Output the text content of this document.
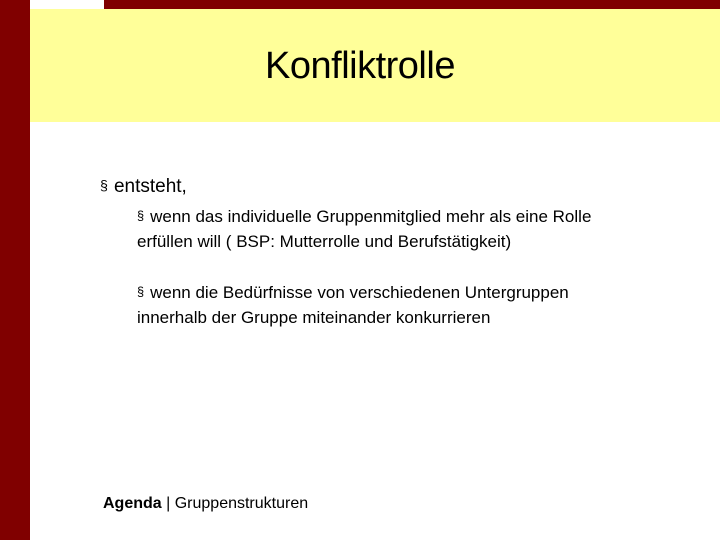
Konfliktrolle
§ entsteht,
§ wenn das individuelle Gruppenmitglied mehr als eine Rolle erfüllen will ( BSP: Mutterrolle und Berufstätigkeit)
§ wenn die Bedürfnisse von verschiedenen Untergruppen innerhalb der Gruppe miteinander konkurrieren
Agenda | Gruppenstrukturen
